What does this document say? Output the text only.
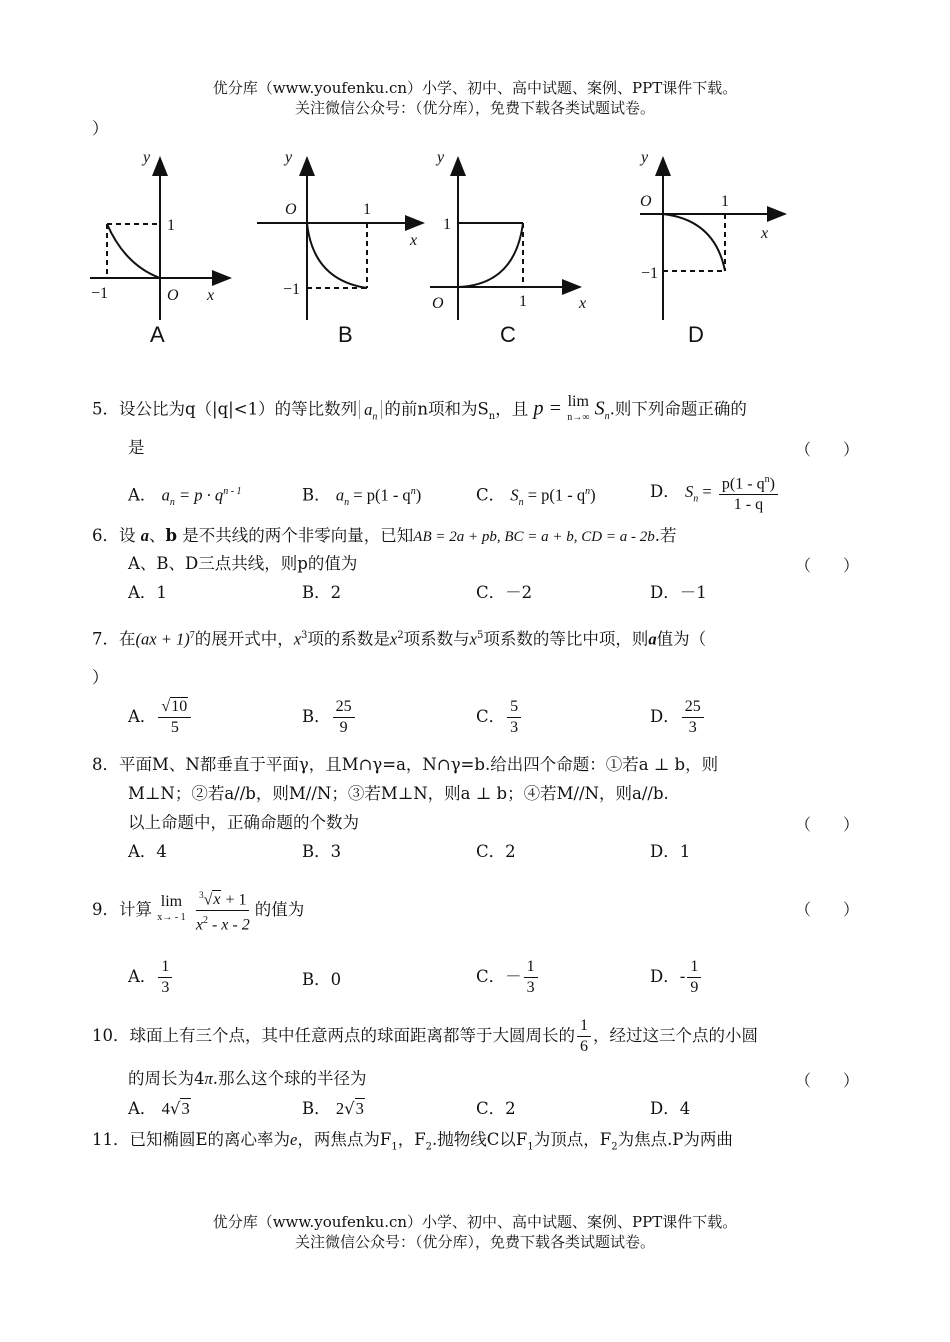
优分库（www.youfenku.cn）小学、初中、高中试题、案例、PPT课件下载。
关注微信公众号：（优分库），免费下载各类试题试卷。
）
y
1
−1	O x
y
O	1
−1
x
y
1
O	1	x
y
O	1
x
−1
A	B	C	D
5．设公比为q（|q|<1）的等比数列 $a_n$ 的前n项和为$S_n$，且 p = lim
n→∞ $S_n$.则下列命题正确的
是	（　　）
A． $a_n = p \cdot q^{n - 1}$	B． $a_n = p(1 - q^n)$	C． $S_n = p(1 - q^n)$	D． $S_n = \frac{p(1 - q^n)}{1 - q}$
6．设 a、b 是不共线的两个非零向量，已知AB = 2a + pb, BC = a + b, CD = a - 2b.若
A、B、D三点共线，则p的值为	（　　）
A．1	B．2	C．－2	D．－1
7．在(ax + 1)$^7$的展开式中，$x^3$项的系数是$x^2$项系数与$x^5$项系数的等比中项，则a值为（
）
A． $\frac{√10}{5}$	B． $\frac{25}{9}$	C． $\frac{5}{3}$	D． $\frac{25}{3}$
8．平面M、N都垂直于平面γ，且M∩γ=a，N∩γ=b.给出四个命题：①若a ⊥ b，则
M⊥N；②若a//b，则M//N；③若M⊥N，则a ⊥ b；④若M//N，则a//b.
以上命题中，正确命题的个数为	（　　）
A．4	B．3	C．2	D．1
9．计算 lim
x→ - 1
$\frac{^3√x + 1}{x^2 - x - 2}$ 的值为	（　　）
A． $\frac{1}{3}$	B．0	C．－ $\frac{1}{3}$	D．- $\frac{1}{9}$
10．球面上有三个点，其中任意两点的球面距离都等于大圆周长的 $\frac{1}{6}$ ，经过这三个点的小圆
的周长为4π.那么这个球的半径为	（　　）
A． 4√3	B． 2√3	C．2	D．4
11．已知椭圆E的离心率为e，两焦点为$F_1$，$F_2$.抛物线C以$F_1$为顶点，$F_2$为焦点.P为两曲
优分库（www.youfenku.cn）小学、初中、高中试题、案例、PPT课件下载。
关注微信公众号：（优分库），免费下载各类试题试卷。
